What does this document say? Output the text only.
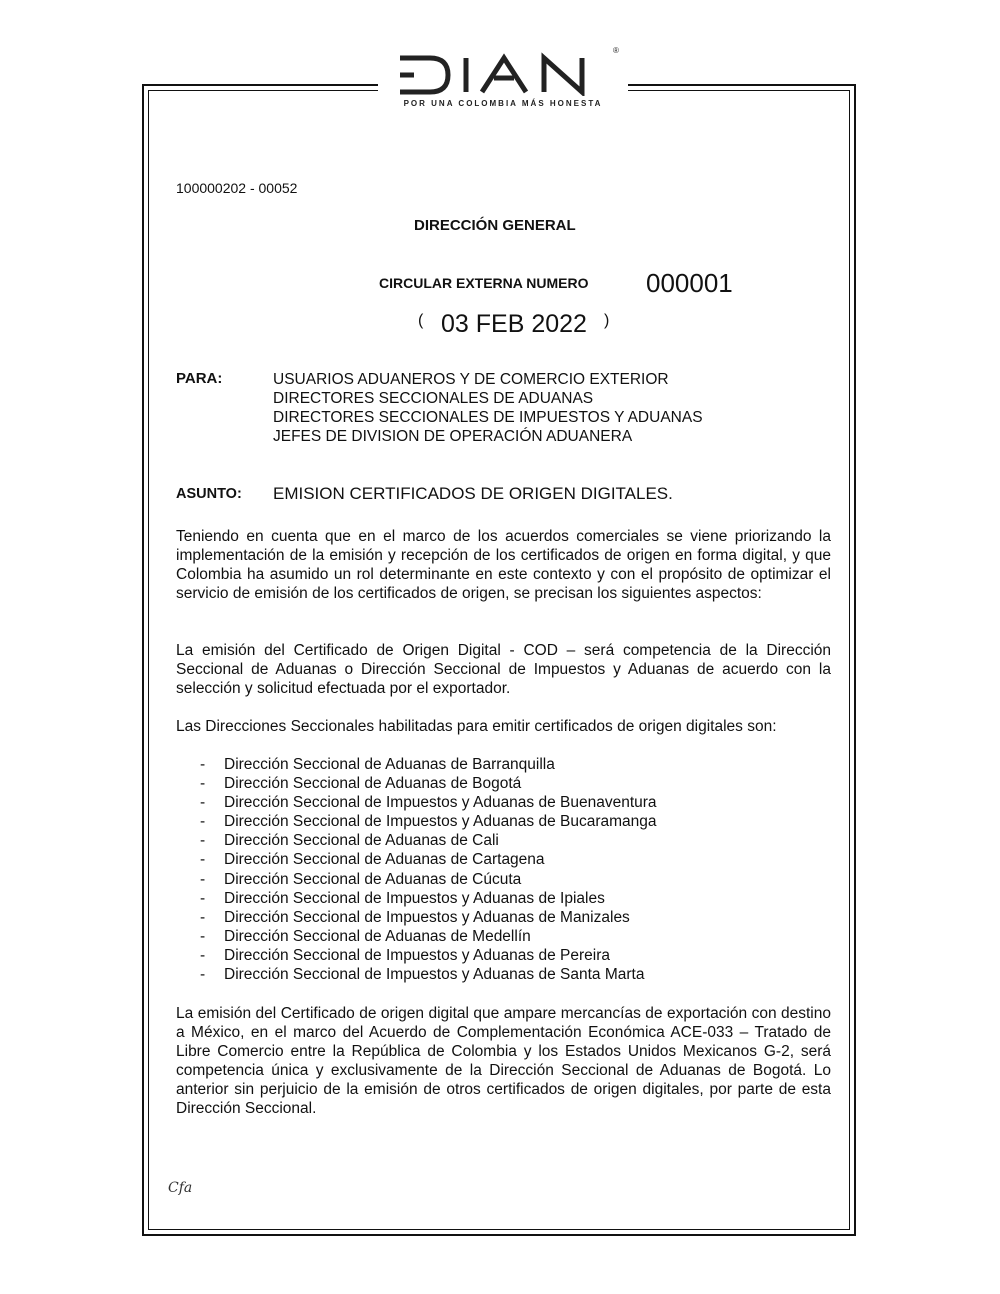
®
POR UNA COLOMBIA MÁS HONESTA
100000202 - 00052
DIRECCIÓN GENERAL
CIRCULAR EXTERNA NUMERO 000001
( 03 FEB 2022 )
PARA:	USUARIOS ADUANEROS Y DE COMERCIO EXTERIOR
DIRECTORES SECCIONALES DE ADUANAS
DIRECTORES SECCIONALES DE IMPUESTOS Y ADUANAS
JEFES DE DIVISION DE OPERACIÓN ADUANERA
ASUNTO: EMISION CERTIFICADOS DE ORIGEN DIGITALES.
Teniendo en cuenta que en el marco de los acuerdos comerciales se viene priorizando la implementación de la emisión y recepción de los certificados de origen en forma digital, y que Colombia ha asumido un rol determinante en este contexto y con el propósito de optimizar el servicio de emisión de los certificados de origen, se precisan los siguientes aspectos:
La emisión del Certificado de Origen Digital - COD – será competencia de la Dirección Seccional de Aduanas o Dirección Seccional de Impuestos y Aduanas de acuerdo con la selección y solicitud efectuada por el exportador.
Las Direcciones Seccionales habilitadas para emitir certificados de origen digitales son:
- Dirección Seccional de Aduanas de Barranquilla
- Dirección Seccional de Aduanas de Bogotá
- Dirección Seccional de Impuestos y Aduanas de Buenaventura
- Dirección Seccional de Impuestos y Aduanas de Bucaramanga
- Dirección Seccional de Aduanas de Cali
- Dirección Seccional de Aduanas de Cartagena
- Dirección Seccional de Aduanas de Cúcuta
- Dirección Seccional de Impuestos y Aduanas de Ipiales
- Dirección Seccional de Impuestos y Aduanas de Manizales
- Dirección Seccional de Aduanas de Medellín
- Dirección Seccional de Impuestos y Aduanas de Pereira
- Dirección Seccional de Impuestos y Aduanas de Santa Marta
La emisión del Certificado de origen digital que ampare mercancías de exportación con destino a México, en el marco del Acuerdo de Complementación Económica ACE-033 – Tratado de Libre Comercio entre la República de Colombia y los Estados Unidos Mexicanos G-2, será competencia única y exclusivamente de la Dirección Seccional de Aduanas de Bogotá. Lo anterior sin perjuicio de la emisión de otros certificados de origen digitales, por parte de esta Dirección Seccional.
Cfa
